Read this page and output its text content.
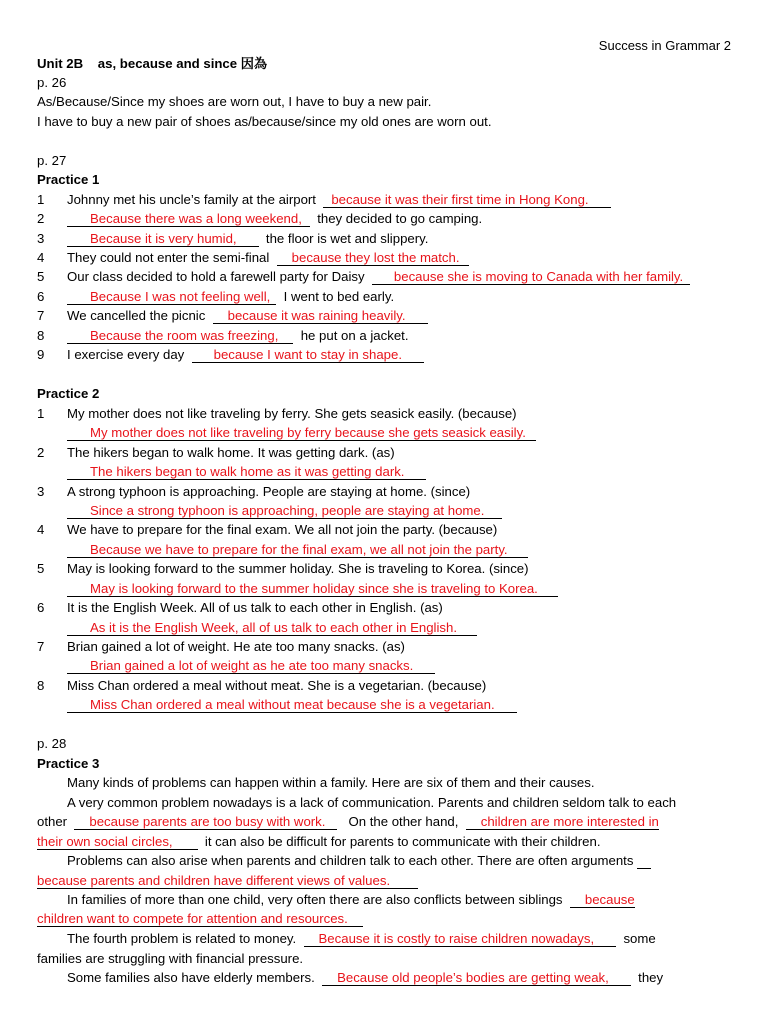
Success in Grammar 2
Unit 2B    as, because and since 因為
p. 26
As/Because/Since my shoes are worn out, I have to buy a new pair.
I have to buy a new pair of shoes as/because/since my old ones are worn out.
p. 27
Practice 1
1	Johnny met his uncle’s family at the airport because it was their first time in Hong Kong.
2	Because there was a long weekend, they decided to go camping.
3	Because it is very humid, the floor is wet and slippery.
4	They could not enter the semi-final because they lost the match.
5	Our class decided to hold a farewell party for Daisy because she is moving to Canada with her family.
6	Because I was not feeling well, I went to bed early.
7	We cancelled the picnic because it was raining heavily.
8	Because the room was freezing, he put on a jacket.
9	I exercise every day because I want to stay in shape.
Practice 2
1	My mother does not like traveling by ferry. She gets seasick easily. (because)
My mother does not like traveling by ferry because she gets seasick easily.
2	The hikers began to walk home. It was getting dark. (as)
The hikers began to walk home as it was getting dark.
3	A strong typhoon is approaching. People are staying at home. (since)
Since a strong typhoon is approaching, people are staying at home.
4	We have to prepare for the final exam. We all not join the party. (because)
Because we have to prepare for the final exam, we all not join the party.
5	May is looking forward to the summer holiday. She is traveling to Korea. (since)
May is looking forward to the summer holiday since she is traveling to Korea.
6	It is the English Week. All of us talk to each other in English. (as)
As it is the English Week, all of us talk to each other in English.
7	Brian gained a lot of weight. He ate too many snacks. (as)
Brian gained a lot of weight as he ate too many snacks.
8	Miss Chan ordered a meal without meat. She is a vegetarian. (because)
Miss Chan ordered a meal without meat because she is a vegetarian.
p. 28
Practice 3
Many kinds of problems can happen within a family. Here are six of them and their causes.
A very common problem nowadays is a lack of communication. Parents and children seldom talk to each
other because parents are too busy with work. On the other hand, children are more interested in
their own social circles, it can also be difficult for parents to communicate with their children.
Problems can also arise when parents and children talk to each other. There are often arguments
because parents and children have different views of values.
In families of more than one child, very often there are also conflicts between siblings because
children want to compete for attention and resources.
The fourth problem is related to money. Because it is costly to raise children nowadays, some
families are struggling with financial pressure.
Some families also have elderly members. Because old people’s bodies are getting weak, they
